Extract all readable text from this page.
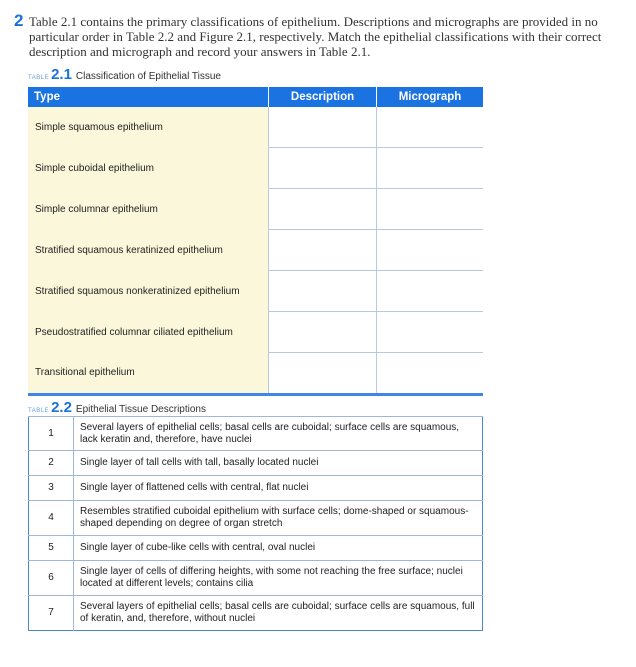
2 Table 2.1 contains the primary classifications of epithelium. Descriptions and micrographs are provided in no particular order in Table 2.2 and Figure 2.1, respectively. Match the epithelial classifications with their correct description and micrograph and record your answers in Table 2.1.
TABLE 2.1 Classification of Epithelial Tissue
Type	Description	Micrograph
Simple squamous epithelium		
Simple cuboidal epithelium		
Simple columnar epithelium		
Stratified squamous keratinized epithelium		
Stratified squamous nonkeratinized epithelium		
Pseudostratified columnar ciliated epithelium		
Transitional epithelium		
TABLE 2.2 Epithelial Tissue Descriptions
1	Several layers of epithelial cells; basal cells are cuboidal; surface cells are squamous, lack keratin and, therefore, have nuclei
2	Single layer of tall cells with tall, basally located nuclei
3	Single layer of flattened cells with central, flat nuclei
4	Resembles stratified cuboidal epithelium with surface cells; dome-shaped or squamous-shaped depending on degree of organ stretch
5	Single layer of cube-like cells with central, oval nuclei
6	Single layer of cells of differing heights, with some not reaching the free surface; nuclei located at different levels; contains cilia
7	Several layers of epithelial cells; basal cells are cuboidal; surface cells are squamous, full of keratin, and, therefore, without nuclei
